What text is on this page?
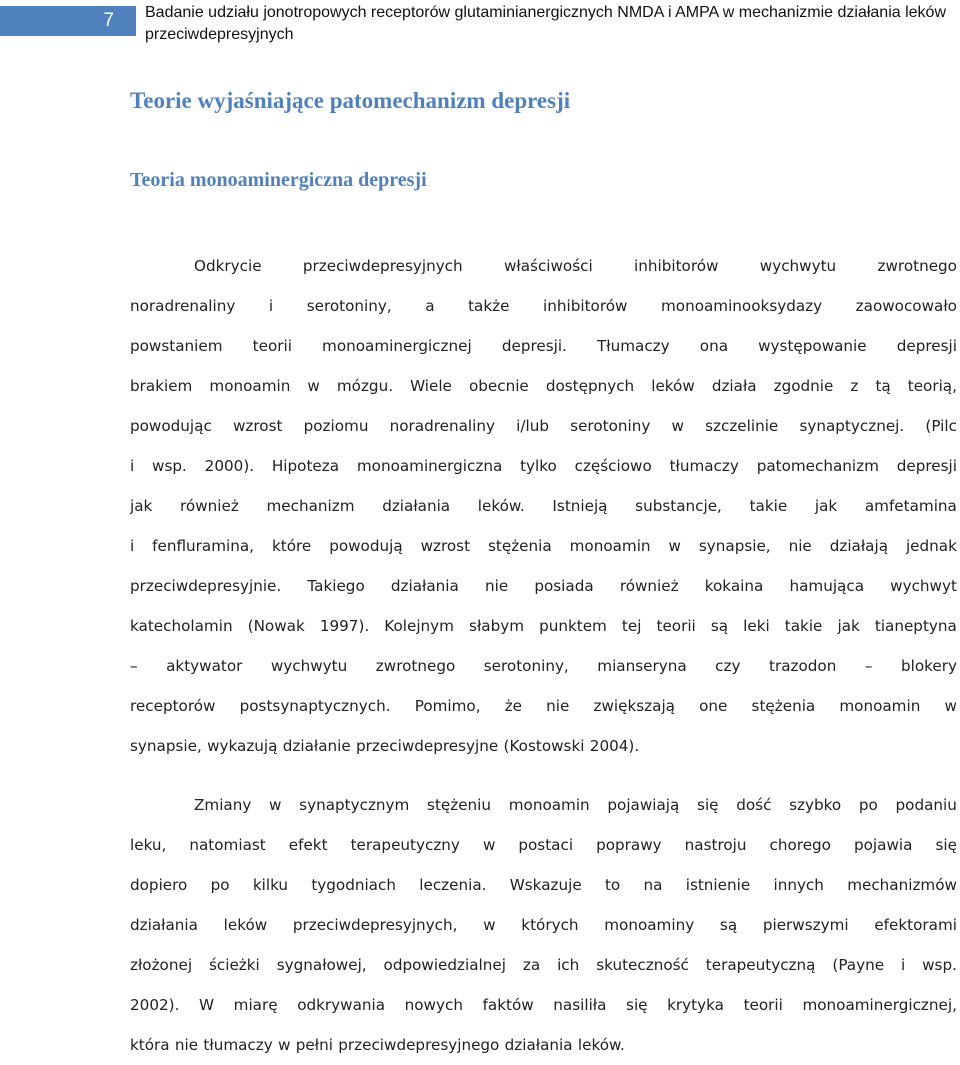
7	Badanie udziału jonotropowych receptorów glutaminianergicznych NMDA i AMPA w mechanizmie działania leków przeciwdepresyjnych
Teorie wyjaśniające patomechanizm depresji
Teoria monoaminergiczna depresji
Odkrycie	przeciwdepresyjnych	właściwości	inhibitorów	wychwytu	zwrotnego
noradrenaliny i serotoniny, a także inhibitorów monoaminooksydazy zaowocowało
powstaniem teorii monoaminergicznej depresji. Tłumaczy ona występowanie depresji
brakiem monoamin w mózgu. Wiele obecnie dostępnych leków działa zgodnie z tą teorią,
powodując wzrost poziomu noradrenaliny i/lub serotoniny w szczelinie synaptycznej. (Pilc
i wsp. 2000). Hipoteza monoaminergiczna tylko częściowo tłumaczy patomechanizm depresji
jak również mechanizm działania leków. Istnieją substancje, takie jak amfetamina
i fenfluramina, które powodują wzrost stężenia monoamin w synapsie, nie działają jednak
przeciwdepresyjnie. Takiego działania nie posiada również kokaina hamująca wychwyt
katecholamin (Nowak 1997). Kolejnym słabym punktem tej teorii są leki takie jak tianeptyna
– aktywator wychwytu zwrotnego serotoniny, mianseryna czy trazodon – blokery
receptorów postsynaptycznych. Pomimo, że nie zwiększają one stężenia monoamin w
synapsie, wykazują działanie przeciwdepresyjne (Kostowski 2004).
Zmiany w synaptycznym stężeniu monoamin pojawiają się dość szybko po podaniu
leku, natomiast efekt terapeutyczny w postaci poprawy nastroju chorego pojawia się
dopiero po kilku tygodniach leczenia. Wskazuje to na istnienie innych mechanizmów
działania leków przeciwdepresyjnych, w których monoaminy są pierwszymi efektorami
złożonej ścieżki sygnałowej, odpowiedzialnej za ich skuteczność terapeutyczną (Payne i wsp.
2002). W miarę odkrywania nowych faktów nasiliła się krytyka teorii monoaminergicznej,
która nie tłumaczy w pełni przeciwdepresyjnego działania leków.
